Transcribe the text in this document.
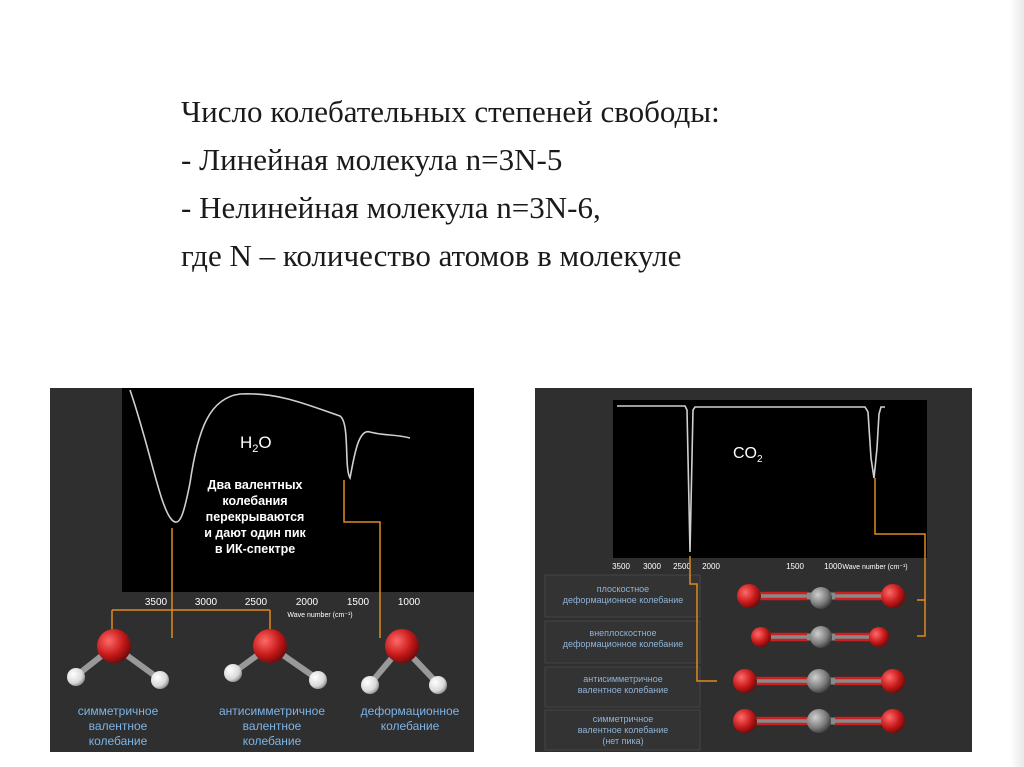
Число колебательных степеней свободы:
- Линейная молекула n=3N-5
- Нелинейная молекула n=3N-6,
где N – количество атомов в молекуле
$H_2O$
Два валентных
колебания
перекрываются
и дают один пик
в ИК-спектре
3500	3000	2500	2000	1500	1000
Wave number (cm⁻¹)
симметричное
валентное
колебание
антисимметричное
валентное
колебание
деформационное
колебание
$CO_2$
3500 3000 2500 2000	1500	1000 Wave number (cm⁻¹)
плоскостное
деформационное колебание
внеплоскостное
деформационное колебание
антисимметричное
валентное колебание
симметричное
валентное колебание
(нет пика)
